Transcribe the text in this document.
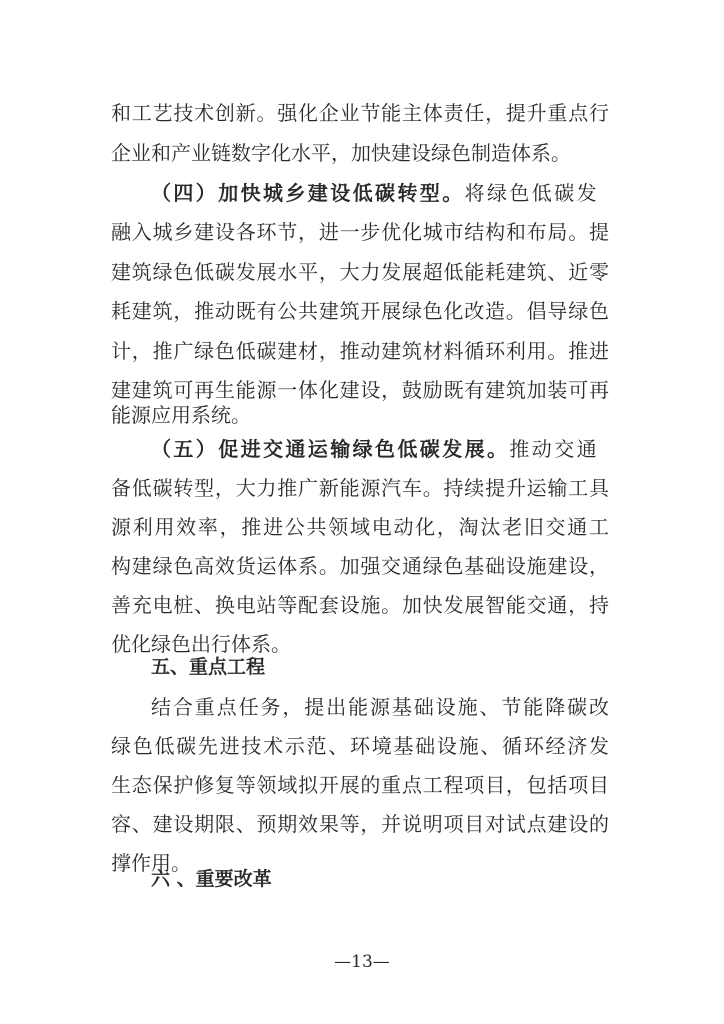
和工艺技术创新。强化企业节能主体责任，提升重点行
企业和产业链数字化水平，加快建设绿色制造体系。
（四）加快城乡建设低碳转型。将绿色低碳发
融入城乡建设各环节，进一步优化城市结构和布局。提
建筑绿色低碳发展水平，大力发展超低能耗建筑、近零
耗建筑，推动既有公共建筑开展绿色化改造。倡导绿色
计，推广绿色低碳建材，推动建筑材料循环利用。推进
建建筑可再生能源一体化建设，鼓励既有建筑加装可再
能源应用系统。
（五）促进交通运输绿色低碳发展。推动交通
备低碳转型，大力推广新能源汽车。持续提升运输工具
源利用效率，推进公共领域电动化，淘汰老旧交通工
构建绿色高效货运体系。加强交通绿色基础设施建设，
善充电桩、换电站等配套设施。加快发展智能交通，持
优化绿色出行体系。
五、重点工程
结合重点任务，提出能源基础设施、节能降碳改
绿色低碳先进技术示范、环境基础设施、循环经济发
生态保护修复等领域拟开展的重点工程项目，包括项目
容、建设期限、预期效果等，并说明项目对试点建设的
撑作用。
六 、重要改革
—13—
